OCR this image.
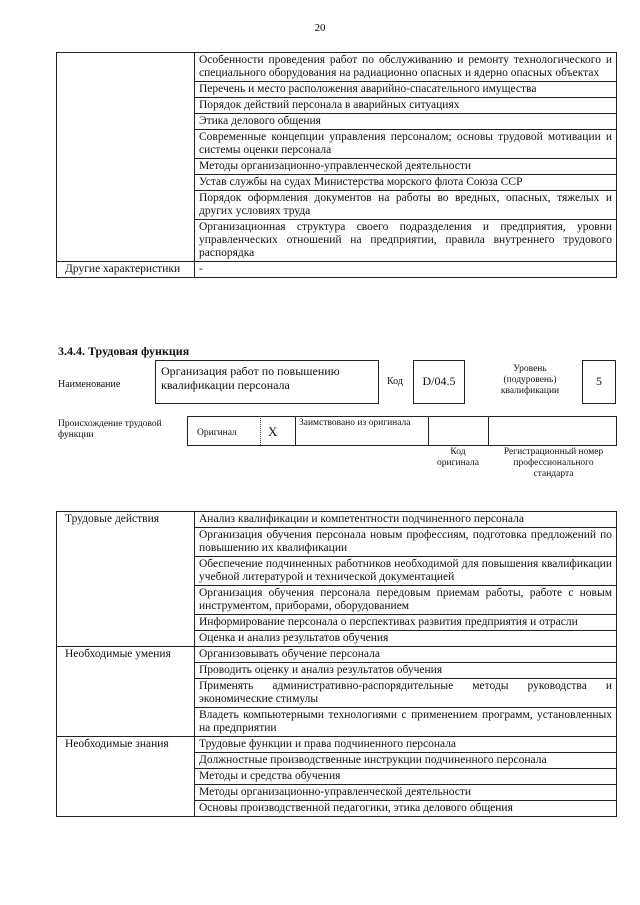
20
	Особенности проведения работ по обслуживанию и ремонту технологического и специального оборудования на радиационно опасных и ядерно опасных объектах
	Перечень и место расположения аварийно-спасательного имущества
	Порядок действий персонала в аварийных ситуациях
	Этика делового общения
	Современные концепции управления персоналом; основы трудовой мотивации и системы оценки персонала
	Методы организационно-управленческой деятельности
	Устав службы на судах Министерства морского флота Союза ССР
	Порядок оформления документов на работы во вредных, опасных, тяжелых и других условиях труда
	Организационная структура своего подразделения и предприятия, уровни управленческих отношений на предприятии, правила внутреннего трудового распорядка
Другие характеристики	-
3.4.4. Трудовая функция
Наименование
Организация работ по повышению квалификации персонала	Код	D/04.5
Уровень (подуровень) квалификации
5
Происхождение трудовой функции	Оригинал X
Заимствовано из оригинала
Код оригинала
Регистрационный номер профессионального стандарта
Трудовые действия	Анализ квалификации и компетентности подчиненного персонала
	Организация обучения персонала новым профессиям, подготовка предложений по повышению их квалификации
	Обеспечение подчиненных работников необходимой для повышения квалификации учебной литературой и технической документацией
	Организация обучения персонала передовым приемам работы, работе с новым инструментом, приборами, оборудованием
	Информирование персонала о перспективах развития предприятия и отрасли
	Оценка и анализ результатов обучения
Необходимые умения	Организовывать обучение персонала
	Проводить оценку и анализ результатов обучения
	Применять административно-распорядительные методы руководства и экономические стимулы
	Владеть компьютерными технологиями с применением программ, установленных на предприятии
Необходимые знания	Трудовые функции и права подчиненного персонала
	Должностные производственные инструкции подчиненного персонала
	Методы и средства обучения
	Методы организационно-управленческой деятельности
	Основы производственной педагогики, этика делового общения
